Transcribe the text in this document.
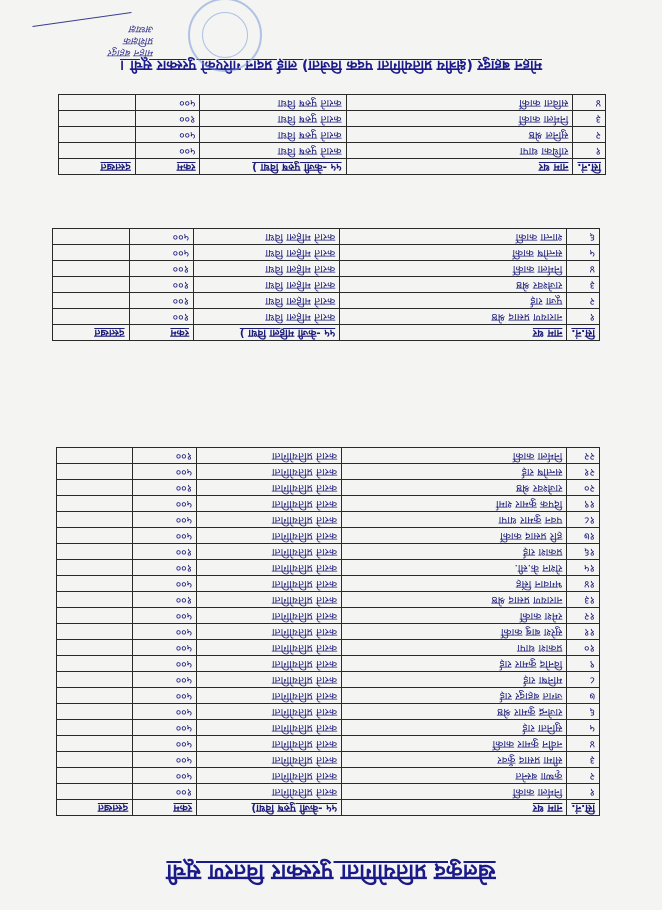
खेलकुद प्रतियोगिता पुरस्कार वितरण सूची
सि.नं.	नाम थर	५५ -केजी पुरुष विधा)	रकम	दस्तखत
१	निर्मला कार्की	कराते प्रतियोगिता	१००	
२	कृष्णा बस्नेत	कराते प्रतियोगिता	५००	
३	सीमा प्रसाद कुँवर	कराते प्रतियोगिता	५००	
४	नवीन कुमार कार्की	कराते प्रतियोगिता	५००	
५	सुनिता राई	कराते प्रतियोगिता	५००	
६	राजेन्द्र कुमार श्रेष्ठ	कराते प्रतियोगिता	५००	
७	जगत बहादुर राई	कराते प्रतियोगिता	५००	
८	मनिषा राई	कराते प्रतियोगिता	५००	
९	विनोद कुमार राई	कराते प्रतियोगिता	५००	
१०	प्रकाश थापा	कराते प्रतियोगिता	५००	
११	सुरेश बाबु कार्की	कराते प्रतियोगिता	५००	
१२	रमेश कार्की	कराते प्रतियोगिता	५००	
१३	नारायण प्रसाद श्रेष्ठ	कराते प्रतियोगिता	१००	
१४	भगवान सिंह	कराते प्रतियोगिता	५००	
१५	रोशन के.सी.	कराते प्रतियोगिता	१००	
१६	प्रकाश राई	कराते प्रतियोगिता	१००	
१७	हरि प्रसाद कार्की	कराते प्रतियोगिता	५००	
१८	पवन कुमार थापा	कराते प्रतियोगिता	५००	
१९	दिपक कुमार शर्मा	कराते प्रतियोगिता	५००	
२०	राजेश्वर श्रेष्ठ	कराते प्रतियोगिता	१००	
२१	सन्तोष राई	कराते प्रतियोगिता	५००	
२२	निर्मला कार्की	कराते प्रतियोगिता	१००	
सि.नं.	नाम थर	५५ -केजी महिला विधा )	रकम	दस्तखत
१	नारायण प्रसाद श्रेष्ठ	कराते महिला विधा	१००	
२	पूजा राई	कराते महिला विधा	१००	
३	राजेश्वर श्रेष्ठ	कराते महिला विधा	१००	
४	निर्मला कार्की	कराते महिला विधा	१००	
५	सन्तोष कार्की	कराते महिला विधा	५००	
६	शान्ता कार्की	कराते महिला विधा	५००	
सि.नं.	नाम थर	५५ -केजी पुरुष विधा )	रकम	दस्तखत
१	राधिका थापा	कराते पुरुष विधा	५००	
२	सुनिल श्रेष्ठ	कराते पुरुष विधा	५००	
३	निर्मला कार्की	कराते पुरुष विधा	१००	
४	सविता कार्की	कराते पुरुष विधा	५००	
मोहन बहादुर (क्षेत्रीय प्रतियोगिता पदक विजेता) लाई प्रदान गरिएको पुरस्कार सूची ।
मोहन बहादुर
प्रशिक्षक
अध्यक्ष
